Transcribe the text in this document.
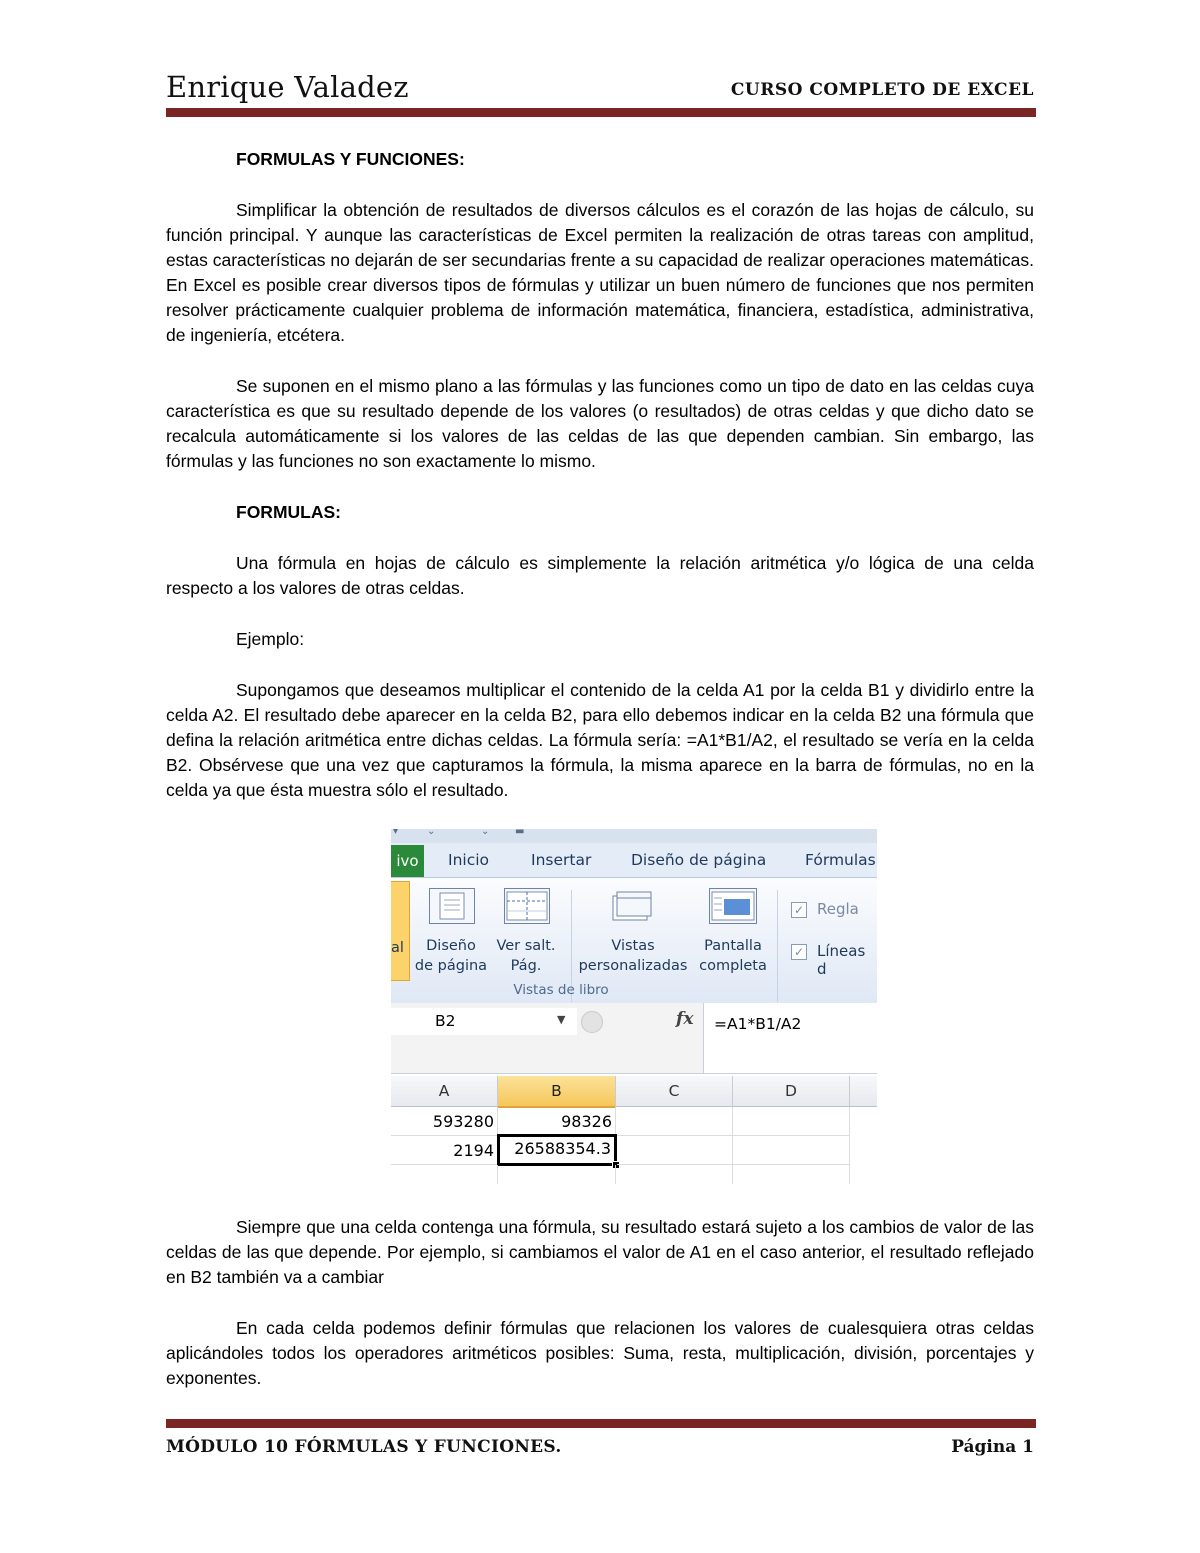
Enrique Valadez	CURSO COMPLETO DE EXCEL

FORMULAS Y FUNCIONES:

Simplificar la obtención de resultados de diversos cálculos es el corazón de las hojas de cálculo, su función principal. Y aunque las características de Excel permiten la realización de otras tareas con amplitud, estas características no dejarán de ser secundarias frente a su capacidad de realizar operaciones matemáticas. En Excel es posible crear diversos tipos de fórmulas y utilizar un buen número de funciones que nos permiten resolver prácticamente cualquier problema de información matemática, financiera, estadística, administrativa, de ingeniería, etcétera.

Se suponen en el mismo plano a las fórmulas y las funciones como un tipo de dato en las celdas cuya característica es que su resultado depende de los valores (o resultados) de otras celdas y que dicho dato se recalcula automáticamente si los valores de las celdas de las que dependen cambian. Sin embargo, las fórmulas y las funciones no son exactamente lo mismo.

FORMULAS:

Una fórmula en hojas de cálculo es simplemente la relación aritmética y/o lógica de una celda respecto a los valores de otras celdas.

Ejemplo:

Supongamos que deseamos multiplicar el contenido de la celda A1 por la celda B1 y dividirlo entre la celda A2. El resultado debe aparecer en la celda B2, para ello debemos indicar en la celda B2 una fórmula que defina la relación aritmética entre dichas celdas. La fórmula sería: =A1*B1/A2, el resultado se vería en la celda B2. Obsérvese que una vez que capturamos la fórmula, la misma aparece en la barra de fórmulas, no en la celda ya que ésta muestra sólo el resultado.

▾	⌄	⌄	▬
ivo	Inicio	Insertar	Diseño de página	Fórmulas
al	Diseño
de página
Ver salt.
Pág.
Vistas
personalizadas
Pantalla
completa
Vistas de libro
✓ Regla
✓ Líneas d
B2	▼	fx =A1*B1/A2
A	B	C	D
593280	98326
2194	26588354.3

Siempre que una celda contenga una fórmula, su resultado estará sujeto a los cambios de valor de las celdas de las que depende. Por ejemplo, si cambiamos el valor de A1 en el caso anterior, el resultado reflejado en B2 también va a cambiar

En cada celda podemos definir fórmulas que relacionen los valores de cualesquiera otras celdas aplicándoles todos los operadores aritméticos posibles: Suma, resta, multiplicación, división, porcentajes y exponentes.

MÓDULO 10 FÓRMULAS Y FUNCIONES.	Página 1
